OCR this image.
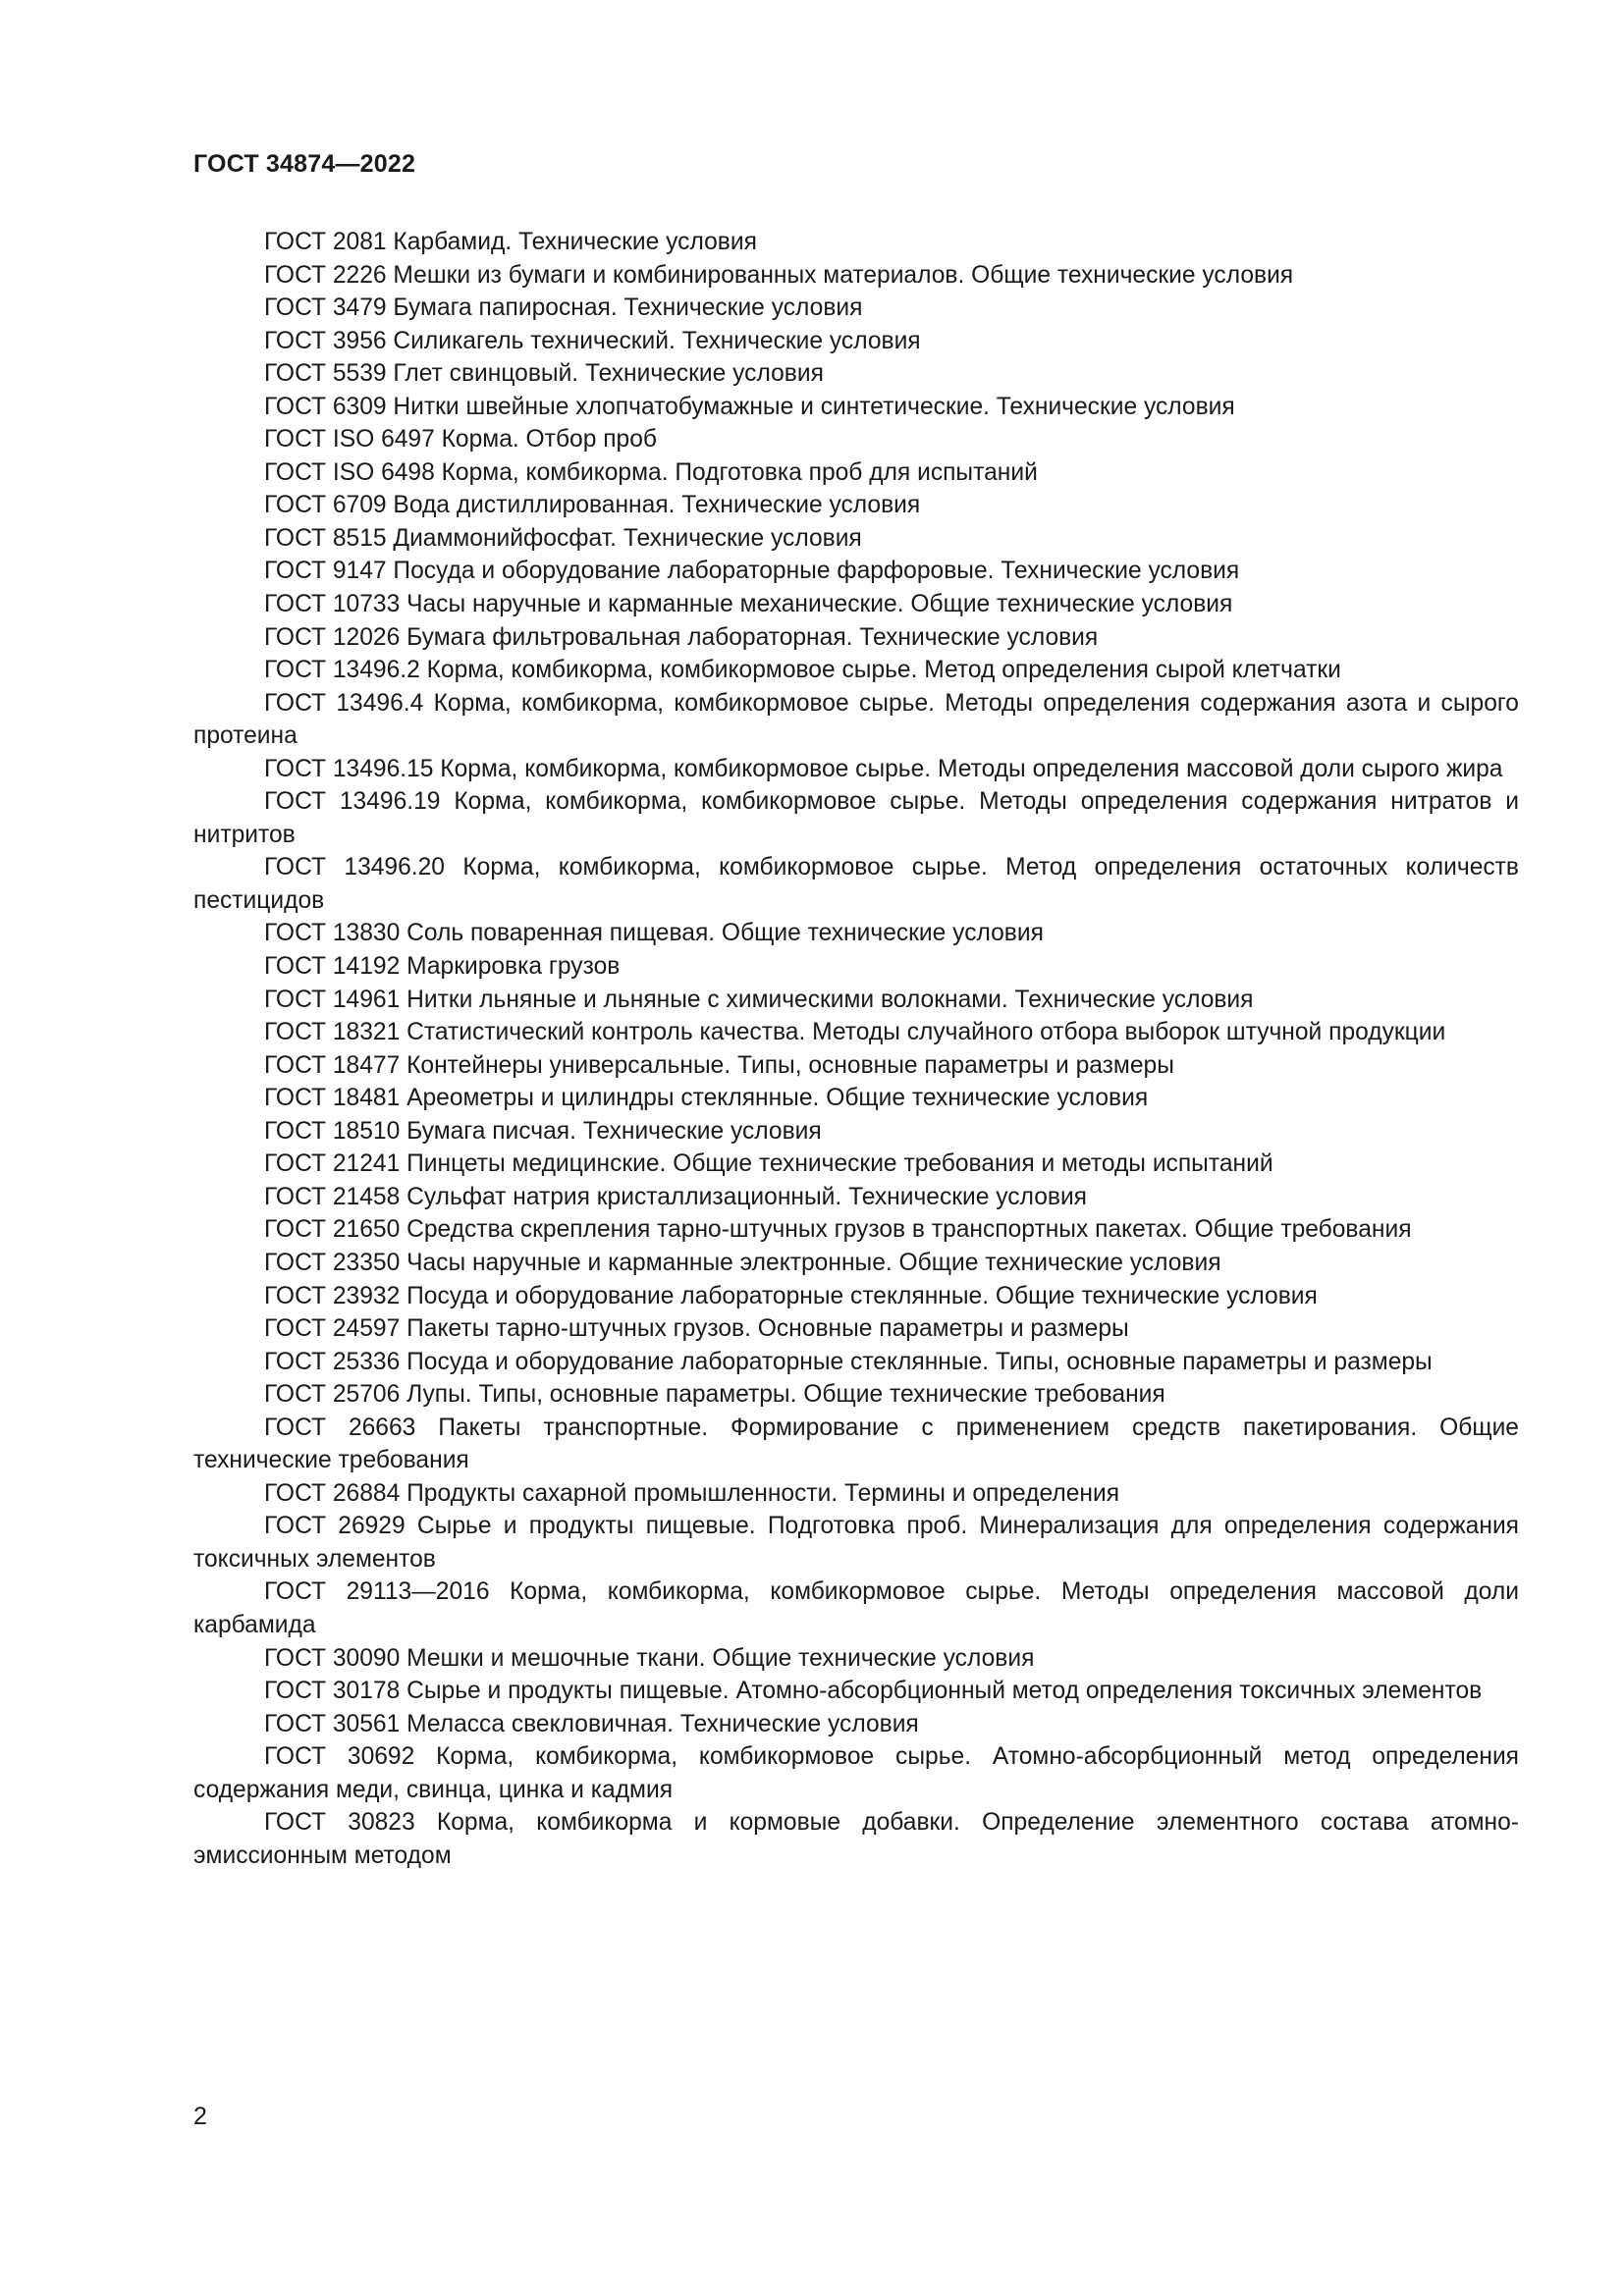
ГОСТ 34874—2022

ГОСТ 2081 Карбамид. Технические условия

ГОСТ 2226 Мешки из бумаги и комбинированных материалов. Общие технические условия

ГОСТ 3479 Бумага папиросная. Технические условия

ГОСТ 3956 Силикагель технический. Технические условия

ГОСТ 5539 Глет свинцовый. Технические условия

ГОСТ 6309 Нитки швейные хлопчатобумажные и синтетические. Технические условия

ГОСТ ISO 6497 Корма. Отбор проб

ГОСТ ISO 6498 Корма, комбикорма. Подготовка проб для испытаний

ГОСТ 6709 Вода дистиллированная. Технические условия

ГОСТ 8515 Диаммонийфосфат. Технические условия

ГОСТ 9147 Посуда и оборудование лабораторные фарфоровые. Технические условия

ГОСТ 10733 Часы наручные и карманные механические. Общие технические условия

ГОСТ 12026 Бумага фильтровальная лабораторная. Технические условия

ГОСТ 13496.2 Корма, комбикорма, комбикормовое сырье. Метод определения сырой клетчатки

ГОСТ 13496.4 Корма, комбикорма, комбикормовое сырье. Методы определения содержания азота и сырого протеина

ГОСТ 13496.15 Корма, комбикорма, комбикормовое сырье. Методы определения массовой доли сырого жира

ГОСТ 13496.19 Корма, комбикорма, комбикормовое сырье. Методы определения содержания нитратов и нитритов

ГОСТ 13496.20 Корма, комбикорма, комбикормовое сырье. Метод определения остаточных количеств пестицидов

ГОСТ 13830 Соль поваренная пищевая. Общие технические условия

ГОСТ 14192 Маркировка грузов

ГОСТ 14961 Нитки льняные и льняные с химическими волокнами. Технические условия

ГОСТ 18321 Статистический контроль качества. Методы случайного отбора выборок штучной продукции

ГОСТ 18477 Контейнеры универсальные. Типы, основные параметры и размеры

ГОСТ 18481 Ареометры и цилиндры стеклянные. Общие технические условия

ГОСТ 18510 Бумага писчая. Технические условия

ГОСТ 21241 Пинцеты медицинские. Общие технические требования и методы испытаний

ГОСТ 21458 Сульфат натрия кристаллизационный. Технические условия

ГОСТ 21650 Средства скрепления тарно-штучных грузов в транспортных пакетах. Общие требования

ГОСТ 23350 Часы наручные и карманные электронные. Общие технические условия

ГОСТ 23932 Посуда и оборудование лабораторные стеклянные. Общие технические условия

ГОСТ 24597 Пакеты тарно-штучных грузов. Основные параметры и размеры

ГОСТ 25336 Посуда и оборудование лабораторные стеклянные. Типы, основные параметры и размеры

ГОСТ 25706 Лупы. Типы, основные параметры. Общие технические требования

ГОСТ 26663 Пакеты транспортные. Формирование с применением средств пакетирования. Общие технические требования

ГОСТ 26884 Продукты сахарной промышленности. Термины и определения

ГОСТ 26929 Сырье и продукты пищевые. Подготовка проб. Минерализация для определения содержания токсичных элементов

ГОСТ 29113—2016 Корма, комбикорма, комбикормовое сырье. Методы определения массовой доли карбамида

ГОСТ 30090 Мешки и мешочные ткани. Общие технические условия

ГОСТ 30178 Сырье и продукты пищевые. Атомно-абсорбционный метод определения токсичных элементов

ГОСТ 30561 Меласса свекловичная. Технические условия

ГОСТ 30692 Корма, комбикорма, комбикормовое сырье. Атомно-абсорбционный метод определения содержания меди, свинца, цинка и кадмия

ГОСТ 30823 Корма, комбикорма и кормовые добавки. Определение элементного состава атомно-эмиссионным методом

2
